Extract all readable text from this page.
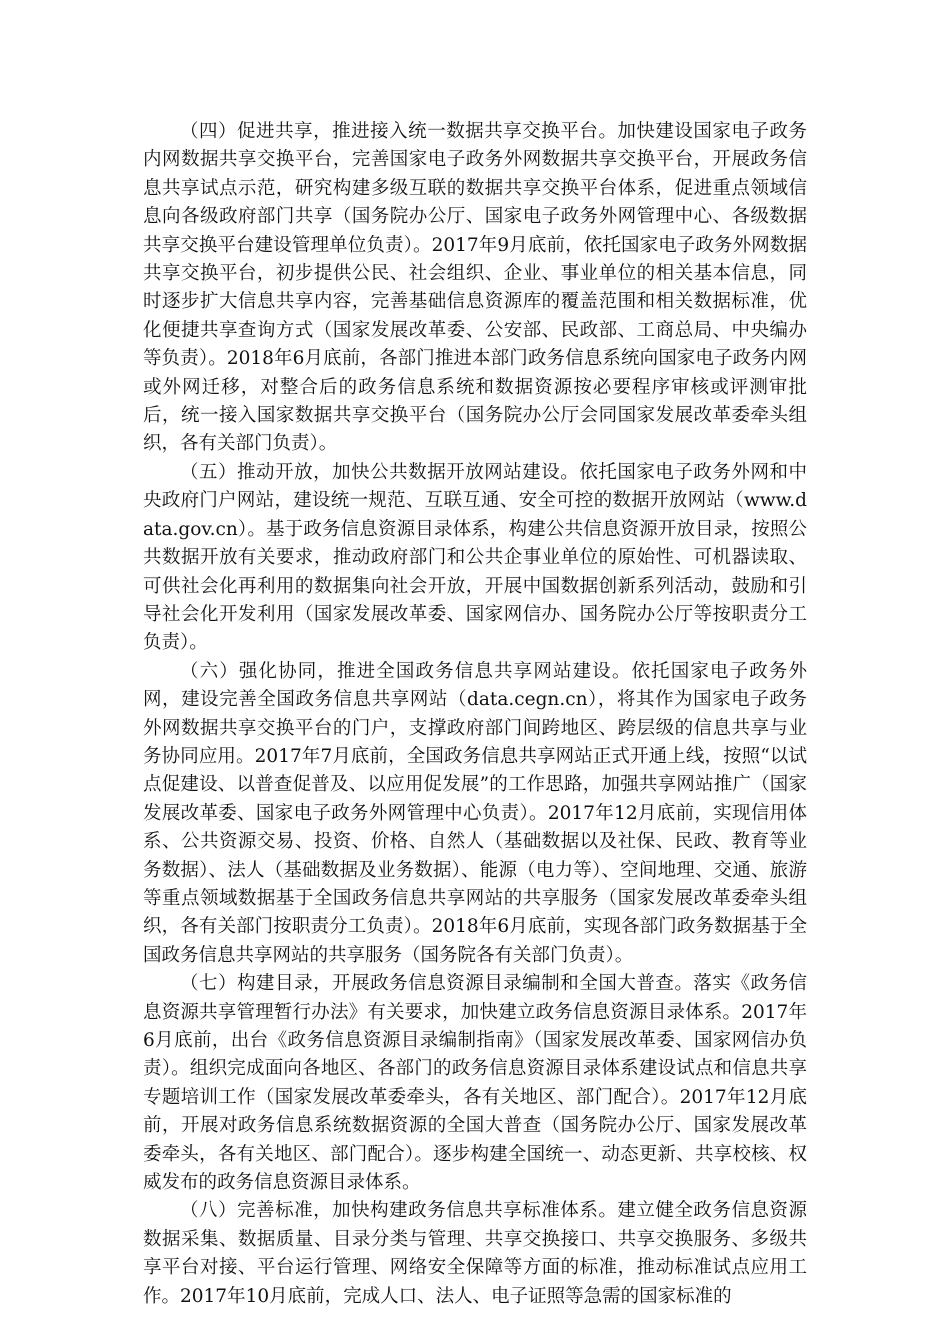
（四）促进共享，推进接入统一数据共享交换平台。加快建设国家电子政务内网数据共享交换平台，完善国家电子政务外网数据共享交换平台，开展政务信息共享试点示范，研究构建多级互联的数据共享交换平台体系，促进重点领域信息向各级政府部门共享（国务院办公厅、国家电子政务外网管理中心、各级数据共享交换平台建设管理单位负责）。2017年9月底前，依托国家电子政务外网数据共享交换平台，初步提供公民、社会组织、企业、事业单位的相关基本信息，同时逐步扩大信息共享内容，完善基础信息资源库的覆盖范围和相关数据标准，优化便捷共享查询方式（国家发展改革委、公安部、民政部、工商总局、中央编办等负责）。2018年6月底前，各部门推进本部门政务信息系统向国家电子政务内网或外网迁移，对整合后的政务信息系统和数据资源按必要程序审核或评测审批后，统一接入国家数据共享交换平台（国务院办公厅会同国家发展改革委牵头组织，各有关部门负责）。

（五）推动开放，加快公共数据开放网站建设。依托国家电子政务外网和中央政府门户网站，建设统一规范、互联互通、安全可控的数据开放网站（www.data.gov.cn）。基于政务信息资源目录体系，构建公共信息资源开放目录，按照公共数据开放有关要求，推动政府部门和公共企事业单位的原始性、可机器读取、可供社会化再利用的数据集向社会开放，开展中国数据创新系列活动，鼓励和引导社会化开发利用（国家发展改革委、国家网信办、国务院办公厅等按职责分工负责）。

（六）强化协同，推进全国政务信息共享网站建设。依托国家电子政务外网，建设完善全国政务信息共享网站（data.cegn.cn），将其作为国家电子政务外网数据共享交换平台的门户，支撑政府部门间跨地区、跨层级的信息共享与业务协同应用。2017年7月底前，全国政务信息共享网站正式开通上线，按照“以试点促建设、以普查促普及、以应用促发展”的工作思路，加强共享网站推广（国家发展改革委、国家电子政务外网管理中心负责）。2017年12月底前，实现信用体系、公共资源交易、投资、价格、自然人（基础数据以及社保、民政、教育等业务数据）、法人（基础数据及业务数据）、能源（电力等）、空间地理、交通、旅游等重点领域数据基于全国政务信息共享网站的共享服务（国家发展改革委牵头组织，各有关部门按职责分工负责）。2018年6月底前，实现各部门政务数据基于全国政务信息共享网站的共享服务（国务院各有关部门负责）。

（七）构建目录，开展政务信息资源目录编制和全国大普查。落实《政务信息资源共享管理暂行办法》有关要求，加快建立政务信息资源目录体系。2017年6月底前，出台《政务信息资源目录编制指南》（国家发展改革委、国家网信办负责）。组织完成面向各地区、各部门的政务信息资源目录体系建设试点和信息共享专题培训工作（国家发展改革委牵头，各有关地区、部门配合）。2017年12月底前，开展对政务信息系统数据资源的全国大普查（国务院办公厅、国家发展改革委牵头，各有关地区、部门配合）。逐步构建全国统一、动态更新、共享校核、权威发布的政务信息资源目录体系。

（八）完善标准，加快构建政务信息共享标准体系。建立健全政务信息资源数据采集、数据质量、目录分类与管理、共享交换接口、共享交换服务、多级共享平台对接、平台运行管理、网络安全保障等方面的标准，推动标准试点应用工作。2017年10月底前，完成人口、法人、电子证照等急需的国家标准的
